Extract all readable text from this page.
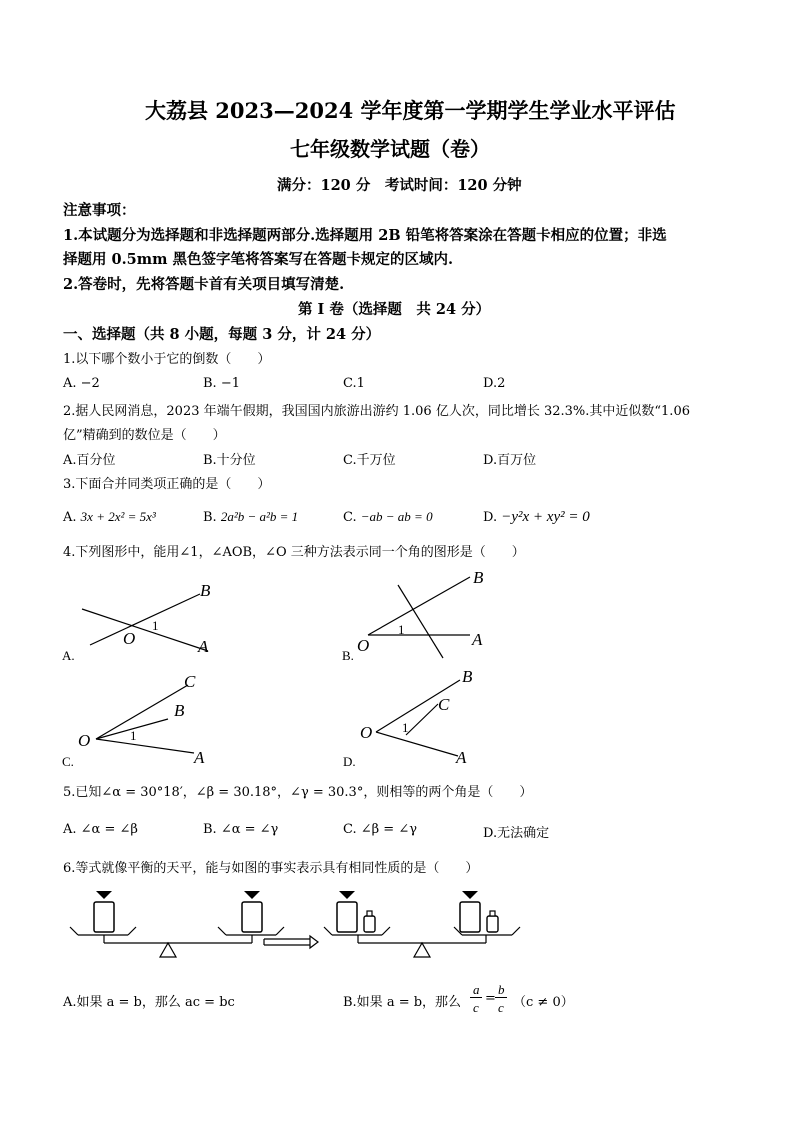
大荔县 2023—2024 学年度第一学期学生学业水平评估
七年级数学试题（卷）
满分：120 分　考试时间：120 分钟
注意事项：
1.本试题分为选择题和非选择题两部分.选择题用 2B 铅笔将答案涂在答题卡相应的位置；非选
择题用 0.5mm 黑色签字笔将答案写在答题卡规定的区域内.
2.答卷时，先将答题卡首有关项目填写清楚.
第 I 卷（选择题　共 24 分）
一、选择题（共 8 小题，每题 3 分，计 24 分）
1.以下哪个数小于它的倒数（　　）
A. −2	B. −1	C.1	D.2
2.据人民网消息，2023 年端午假期，我国国内旅游出游约 1.06 亿人次，同比增长 32.3%.其中近似数“1.06
亿”精确到的数位是（　　）
A.百分位	B.十分位	C.千万位	D.百万位
3.下面合并同类项正确的是（　　）
A. 3x + 2x² = 5x³	B. 2a²b − a²b = 1	C. −ab − ab = 0	D. −y²x + xy² = 0
4.下列图形中，能用∠1，∠AOB，∠O 三种方法表示同一个角的图形是（　　）
B
O
1
A
A.
B
O
1
A
B.
C
B
O	1
A
C.
B
C
O 1
A
D.
5.已知∠α = 30°18′，∠β = 30.18°，∠γ = 30.3°，则相等的两个角是（　　）
A. ∠α = ∠β	B. ∠α = ∠γ	C. ∠β = ∠γ	D.无法确定
6.等式就像平衡的天平，能与如图的事实表示具有相同性质的是（　　）
A.如果 a = b，那么 ac = bc	B.如果 a = b，那么
a
c
=
b
c （c ≠ 0）
